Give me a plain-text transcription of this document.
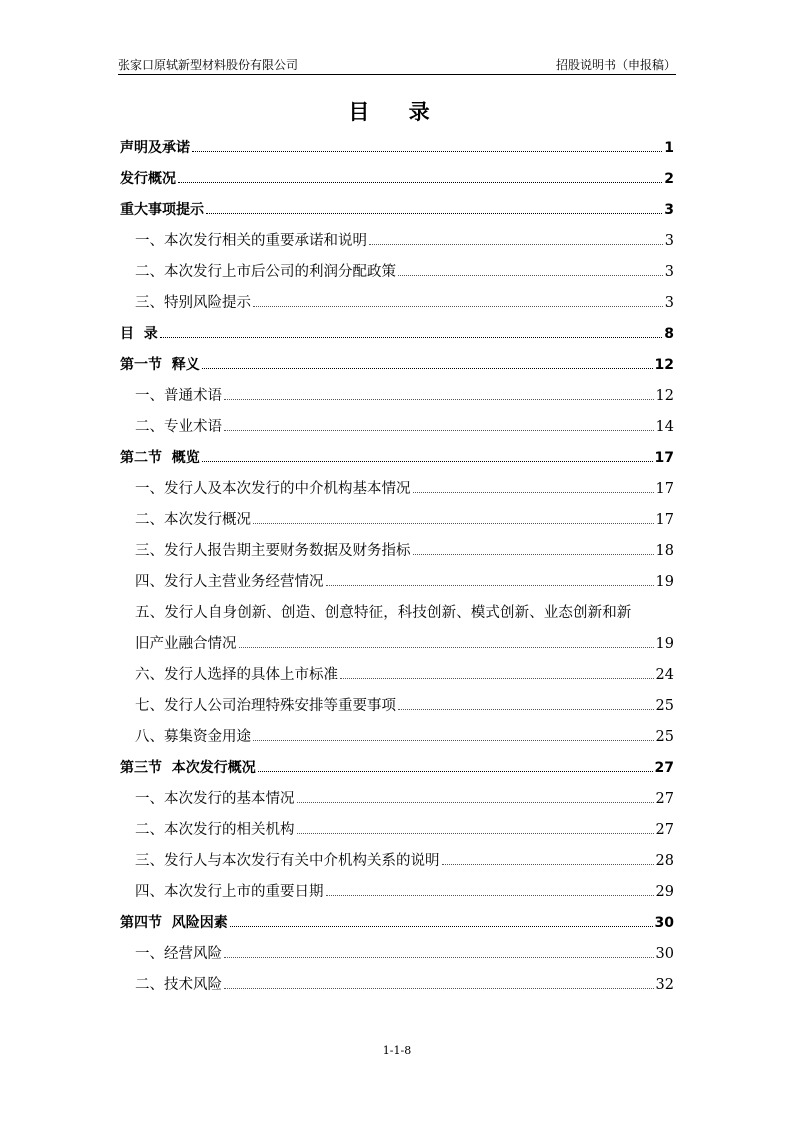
张家口原轼新型材料股份有限公司	招股说明书（申报稿）
目 录
声明及承诺	1
发行概况	2
重大事项提示	3
一、本次发行相关的重要承诺和说明	3
二、本次发行上市后公司的利润分配政策	3
三、特别风险提示	3
目  录	8
第一节  释义	12
一、普通术语	12
二、专业术语	14
第二节  概览	17
一、发行人及本次发行的中介机构基本情况	17
二、本次发行概况	17
三、发行人报告期主要财务数据及财务指标	18
四、发行人主营业务经营情况	19
五、发行人自身创新、创造、创意特征，科技创新、模式创新、业态创新和新
旧产业融合情况	19
六、发行人选择的具体上市标准	24
七、发行人公司治理特殊安排等重要事项	25
八、募集资金用途	25
第三节  本次发行概况	27
一、本次发行的基本情况	27
二、本次发行的相关机构	27
三、发行人与本次发行有关中介机构关系的说明	28
四、本次发行上市的重要日期	29
第四节  风险因素	30
一、经营风险	30
二、技术风险	32
1-1-8
